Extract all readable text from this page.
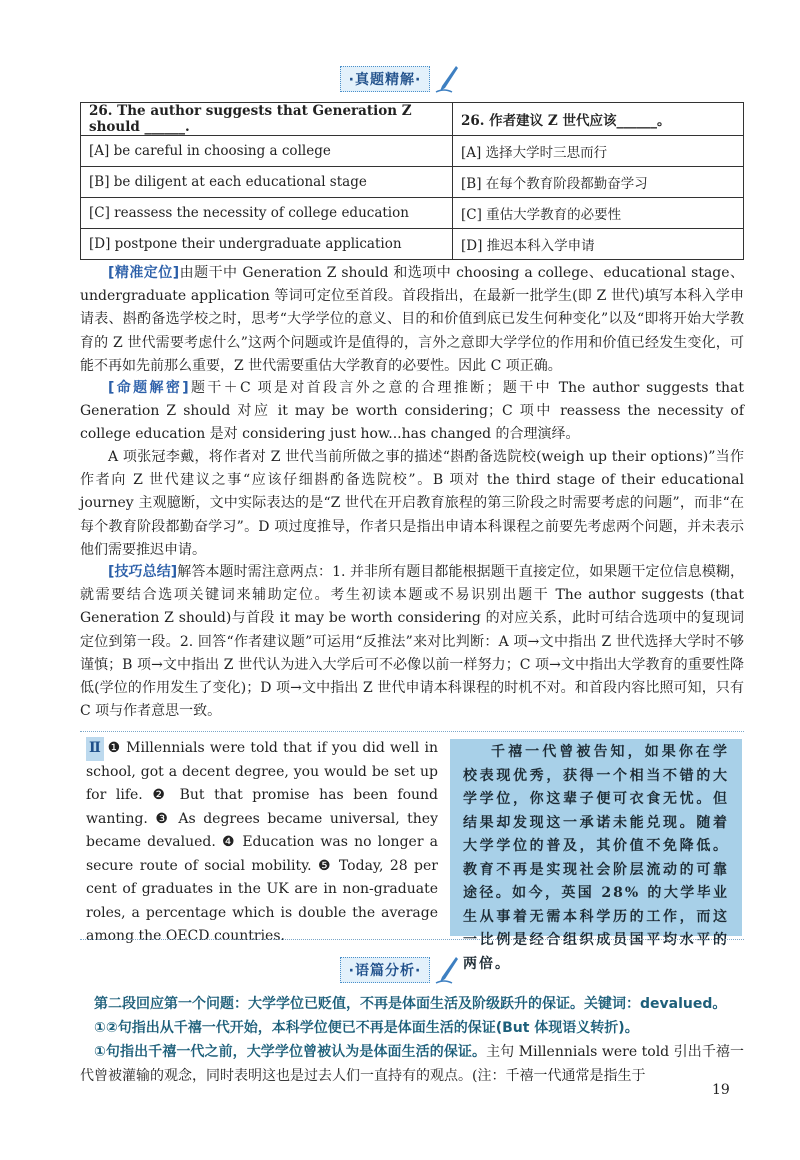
·真题精解·
26. The author suggests that Generation Z should ______.	26. 作者建议 Z 世代应该______。
[A] be careful in choosing a college	[A] 选择大学时三思而行
[B] be diligent at each educational stage	[B] 在每个教育阶段都勤奋学习
[C] reassess the necessity of college education	[C] 重估大学教育的必要性
[D] postpone their undergraduate application	[D] 推迟本科入学申请

[精准定位]由题干中 Generation Z should 和选项中 choosing a college、educational stage、undergraduate application 等词可定位至首段。首段指出，在最新一批学生(即 Z 世代)填写本科入学申请表、斟酌备选学校之时，思考“大学学位的意义、目的和价值到底已发生何种变化”以及“即将开始大学教育的 Z 世代需要考虑什么”这两个问题或许是值得的，言外之意即大学学位的作用和价值已经发生变化，可能不再如先前那么重要，Z 世代需要重估大学教育的必要性。因此 C 项正确。

[命题解密]题干＋C 项是对首段言外之意的合理推断；题干中 The author suggests that Generation Z should 对应 it may be worth considering；C 项中 reassess the necessity of college education 是对 considering just how...has changed 的合理演绎。

A 项张冠李戴，将作者对 Z 世代当前所做之事的描述“斟酌备选院校(weigh up their options)”当作作者向 Z 世代建议之事“应该仔细斟酌备选院校”。B 项对 the third stage of their educational journey 主观臆断，文中实际表达的是“Z 世代在开启教育旅程的第三阶段之时需要考虑的问题”，而非“在每个教育阶段都勤奋学习”。D 项过度推导，作者只是指出申请本科课程之前要先考虑两个问题，并未表示他们需要推迟申请。

[技巧总结]解答本题时需注意两点：1. 并非所有题目都能根据题干直接定位，如果题干定位信息模糊，就需要结合选项关键词来辅助定位。考生初读本题或不易识别出题干 The author suggests (that Generation Z should)与首段 it may be worth considering 的对应关系，此时可结合选项中的复现词定位到第一段。2. 回答“作者建议题”可运用“反推法”来对比判断：A 项→文中指出 Z 世代选择大学时不够谨慎；B 项→文中指出 Z 世代认为进入大学后可不必像以前一样努力；C 项→文中指出大学教育的重要性降低(学位的作用发生了变化)；D 项→文中指出 Z 世代申请本科课程的时机不对。和首段内容比照可知，只有 C 项与作者意思一致。

Ⅱ ❶ Millennials were told that if you did well in school, got a decent degree, you would be set up for life. ❷ But that promise has been found wanting. ❸ As degrees became universal, they became devalued. ❹ Education was no longer a secure route of social mobility. ❺ Today, 28 per cent of graduates in the UK are in non-graduate roles, a percentage which is double the average among the OECD countries.

千禧一代曾被告知，如果你在学校表现优秀，获得一个相当不错的大学学位，你这辈子便可衣食无忧。但结果却发现这一承诺未能兑现。随着大学学位的普及，其价值不免降低。教育不再是实现社会阶层流动的可靠途径。如今，英国 28% 的大学毕业生从事着无需本科学历的工作，而这一比例是经合组织成员国平均水平的两倍。

·语篇分析·

第二段回应第一个问题：大学学位已贬值，不再是体面生活及阶级跃升的保证。关键词：devalued。

①②句指出从千禧一代开始，本科学位便已不再是体面生活的保证(But 体现语义转折)。

①句指出千禧一代之前，大学学位曾被认为是体面生活的保证。主句 Millennials were told 引出千禧一代曾被灌输的观念，同时表明这也是过去人们一直持有的观点。(注：千禧一代通常是指生于

19
